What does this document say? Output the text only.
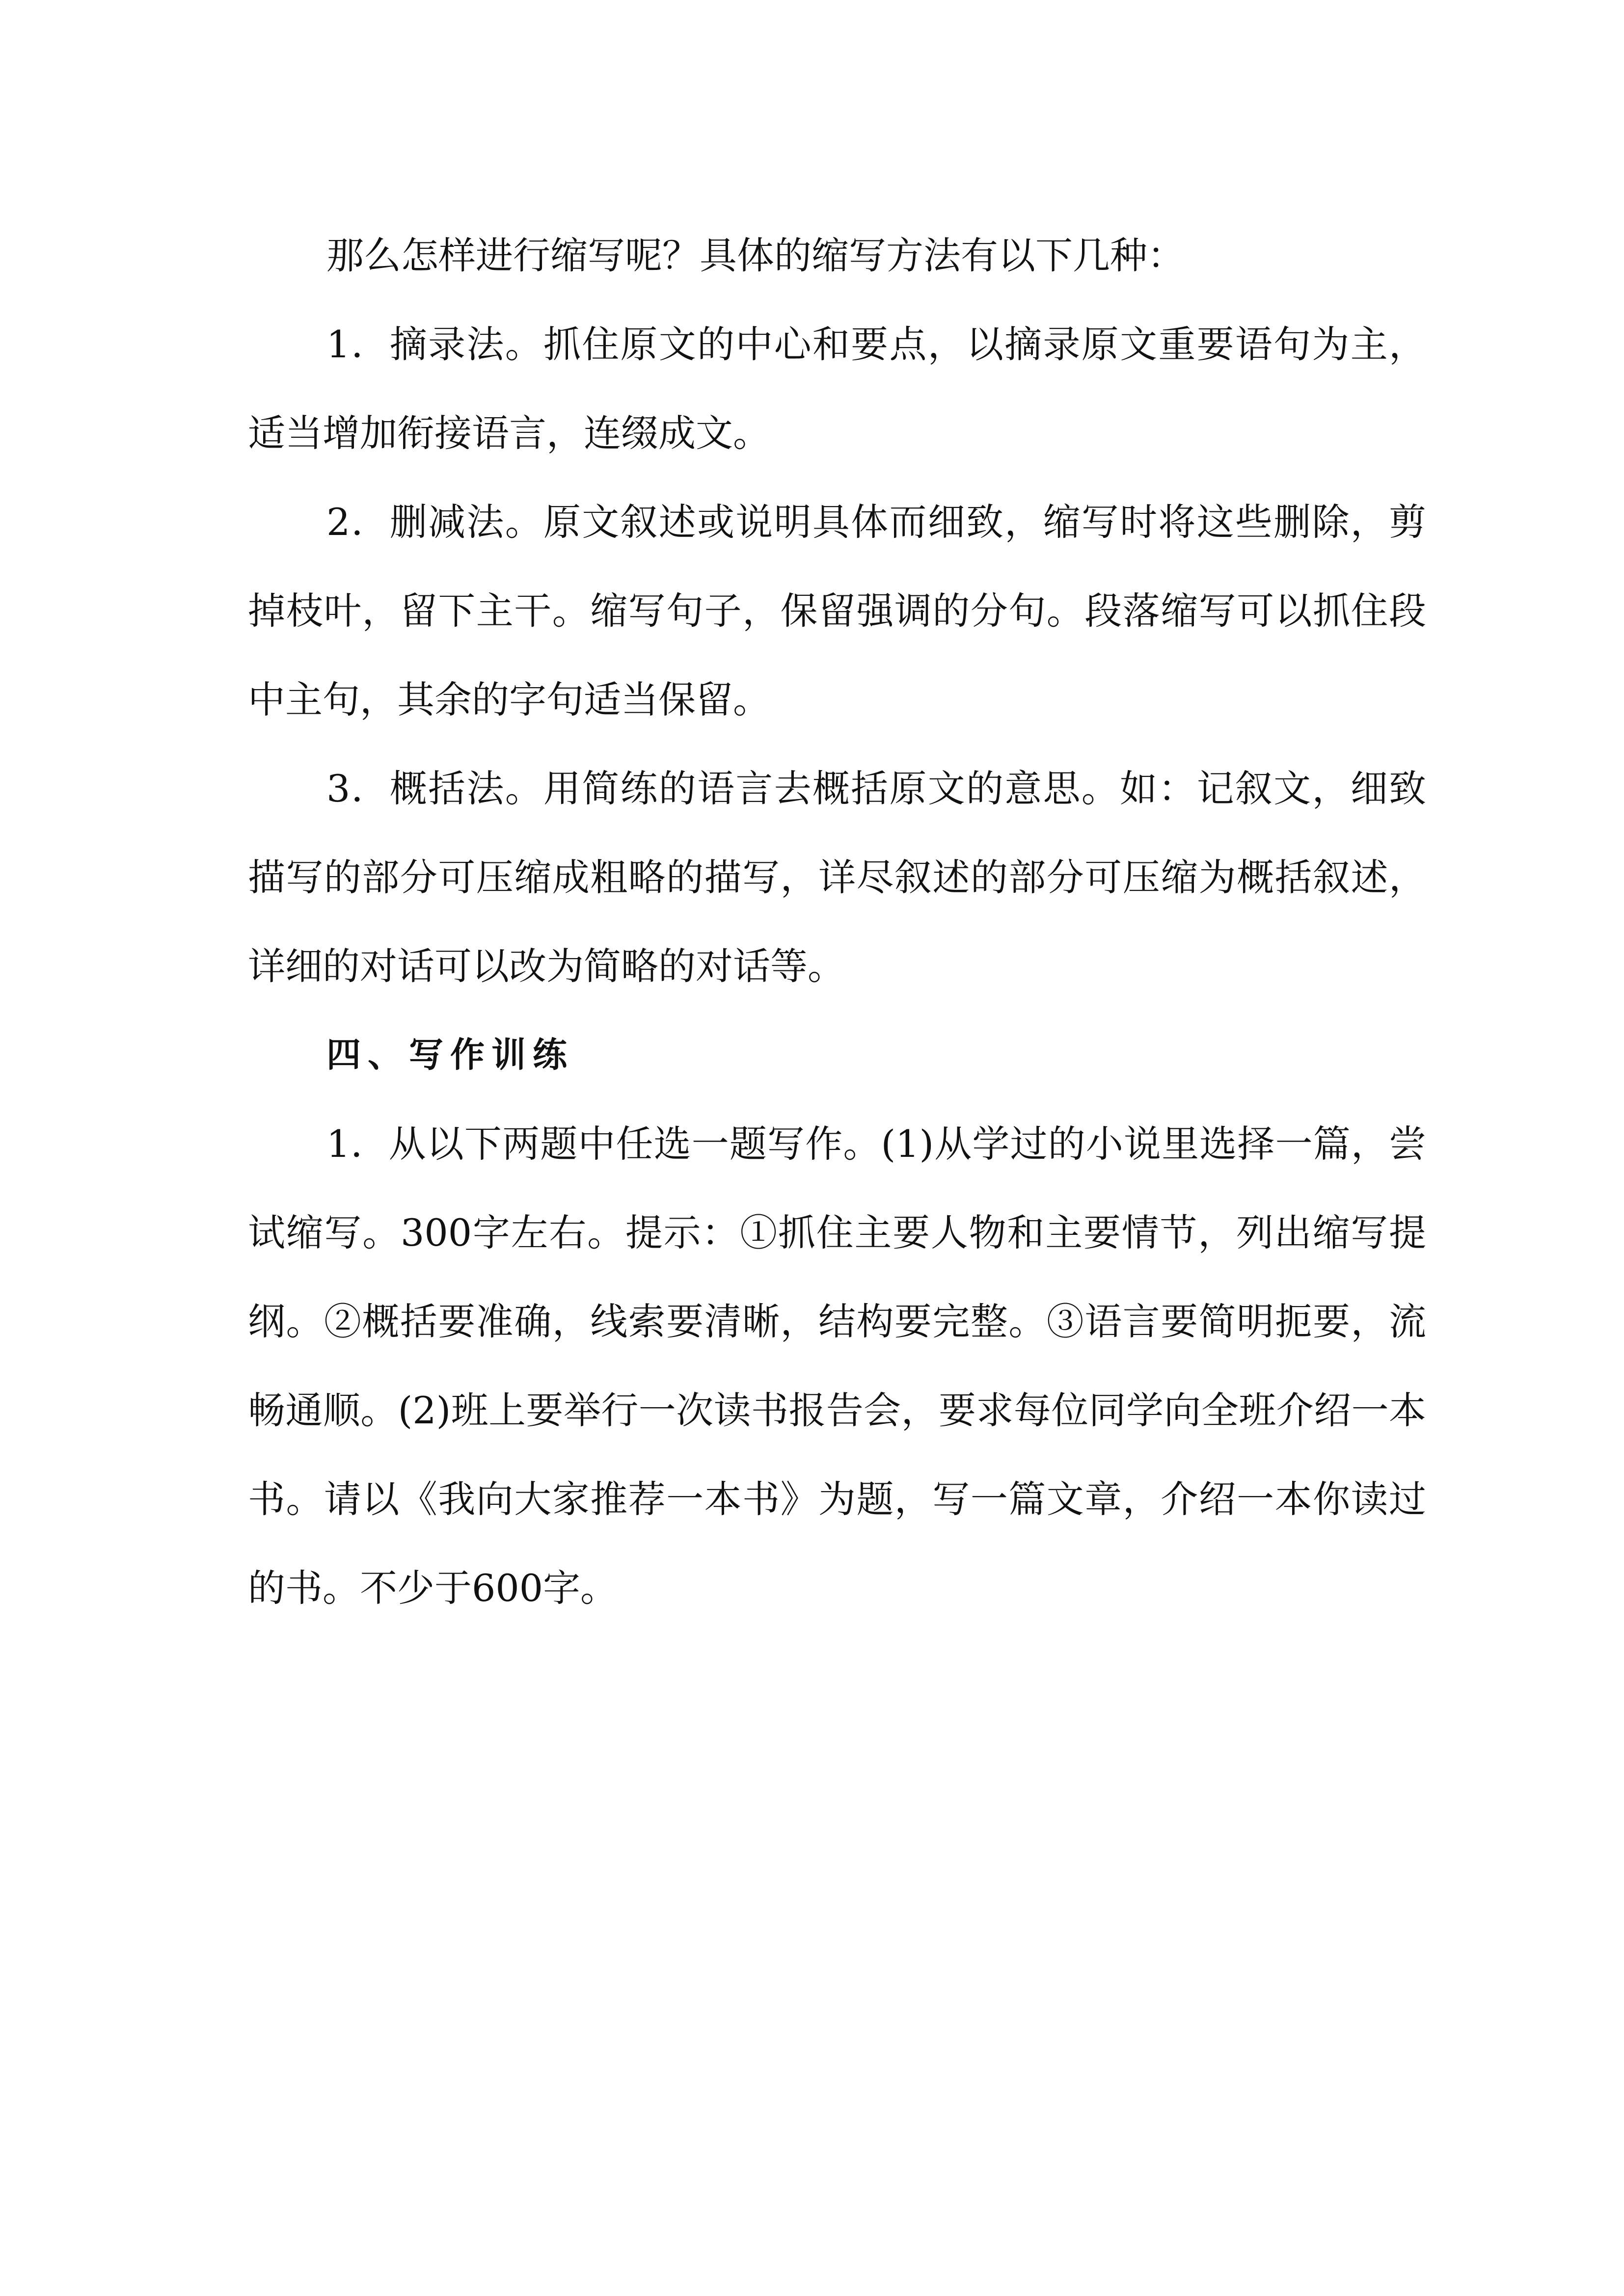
那么怎样进行缩写呢？具体的缩写方法有以下几种：

1．摘录法。抓住原文的中心和要点，以摘录原文重要语句为主，适当增加衔接语言，连缀成文。

2．删减法。原文叙述或说明具体而细致，缩写时将这些删除，剪掉枝叶，留下主干。缩写句子，保留强调的分句。段落缩写可以抓住段中主句，其余的字句适当保留。

3．概括法。用简练的语言去概括原文的意思。如：记叙文，细致描写的部分可压缩成粗略的描写，详尽叙述的部分可压缩为概括叙述，详细的对话可以改为简略的对话等。

四、写作训练

1．从以下两题中任选一题写作。(1)从学过的小说里选择一篇，尝试缩写。300字左右。提示：①抓住主要人物和主要情节，列出缩写提纲。②概括要准确，线索要清晰，结构要完整。③语言要简明扼要，流畅通顺。(2)班上要举行一次读书报告会，要求每位同学向全班介绍一本书。请以《我向大家推荐一本书》为题，写一篇文章，介绍一本你读过的书。不少于600字。
